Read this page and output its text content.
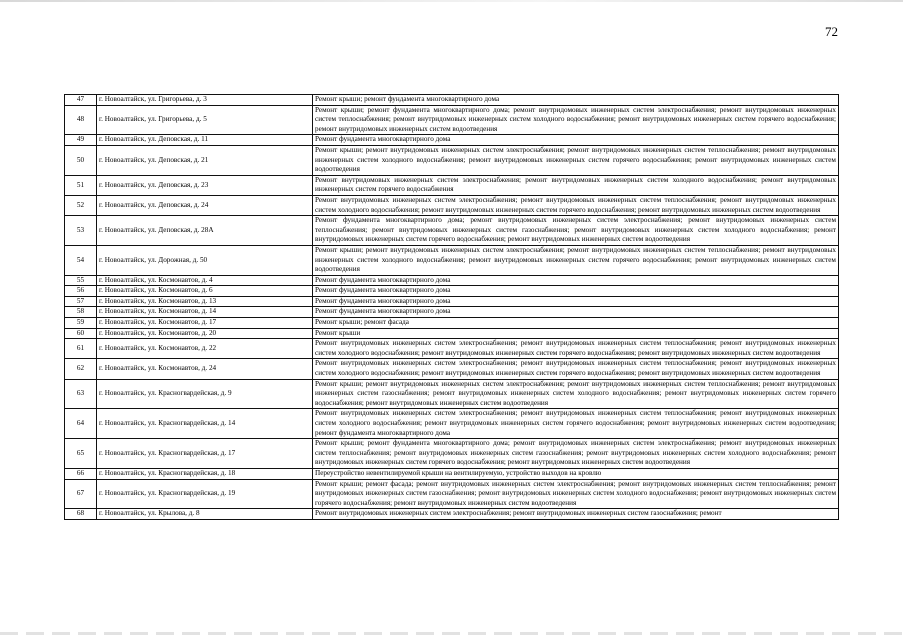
72
47	г. Новоалтайск, ул. Григорьева, д. 3	Ремонт крыши; ремонт фундамента многоквартирного дома
48	г. Новоалтайск, ул. Григорьева, д. 5	Ремонт крыши; ремонт фундамента многоквартирного дома; ремонт внутридомовых инженерных систем электроснабжения; ремонт внутридомовых инженерных систем теплоснабжения; ремонт внутридомовых инженерных систем холодного водоснабжения; ремонт внутридомовых инженерных систем горячего водоснабжения; ремонт внутридомовых инженерных систем водоотведения
49	г. Новоалтайск, ул. Деповская, д. 11	Ремонт фундамента многоквартирного дома
50	г. Новоалтайск, ул. Деповская, д. 21	Ремонт крыши; ремонт внутридомовых инженерных систем электроснабжения; ремонт внутридомовых инженерных систем теплоснабжения; ремонт внутридомовых инженерных систем холодного водоснабжения; ремонт внутридомовых инженерных систем горячего водоснабжения; ремонт внутридомовых инженерных систем водоотведения
51	г. Новоалтайск, ул. Деповская, д. 23	Ремонт внутридомовых инженерных систем электроснабжения; ремонт внутридомовых инженерных систем холодного водоснабжения; ремонт внутридомовых инженерных систем горячего водоснабжения
52	г. Новоалтайск, ул. Деповская, д. 24	Ремонт внутридомовых инженерных систем электроснабжения; ремонт внутридомовых инженерных систем теплоснабжения; ремонт внутридомовых инженерных систем холодного водоснабжения; ремонт внутридомовых инженерных систем горячего водоснабжения; ремонт внутридомовых инженерных систем водоотведения
53	г. Новоалтайск, ул. Деповская, д. 28А	Ремонт фундамента многоквартирного дома; ремонт внутридомовых инженерных систем электроснабжения; ремонт внутридомовых инженерных систем теплоснабжения; ремонт внутридомовых инженерных систем газоснабжения; ремонт внутридомовых инженерных систем холодного водоснабжения; ремонт внутридомовых инженерных систем горячего водоснабжения; ремонт внутридомовых инженерных систем водоотведения
54	г. Новоалтайск, ул. Дорожная, д. 50	Ремонт крыши; ремонт внутридомовых инженерных систем электроснабжения; ремонт внутридомовых инженерных систем теплоснабжения; ремонт внутридомовых инженерных систем холодного водоснабжения; ремонт внутридомовых инженерных систем горячего водоснабжения; ремонт внутридомовых инженерных систем водоотведения
55	г. Новоалтайск, ул. Космонавтов, д. 4	Ремонт фундамента многоквартирного дома
56	г. Новоалтайск, ул. Космонавтов, д. 6	Ремонт фундамента многоквартирного дома
57	г. Новоалтайск, ул. Космонавтов, д. 13	Ремонт фундамента многоквартирного дома
58	г. Новоалтайск, ул. Космонавтов, д. 14	Ремонт фундамента многоквартирного дома
59	г. Новоалтайск, ул. Космонавтов, д. 17	Ремонт крыши; ремонт фасада
60	г. Новоалтайск, ул. Космонавтов, д. 20	Ремонт крыши
61	г. Новоалтайск, ул. Космонавтов, д. 22	Ремонт внутридомовых инженерных систем электроснабжения; ремонт внутридомовых инженерных систем теплоснабжения; ремонт внутридомовых инженерных систем холодного водоснабжения; ремонт внутридомовых инженерных систем горячего водоснабжения; ремонт внутридомовых инженерных систем водоотведения
62	г. Новоалтайск, ул. Космонавтов, д. 24	Ремонт внутридомовых инженерных систем электроснабжения; ремонт внутридомовых инженерных систем теплоснабжения; ремонт внутридомовых инженерных систем холодного водоснабжения; ремонт внутридомовых инженерных систем горячего водоснабжения; ремонт внутридомовых инженерных систем водоотведения
63	г. Новоалтайск, ул. Красногвардейская, д. 9	Ремонт крыши; ремонт внутридомовых инженерных систем электроснабжения; ремонт внутридомовых инженерных систем теплоснабжения; ремонт внутридомовых инженерных систем газоснабжения; ремонт внутридомовых инженерных систем холодного водоснабжения; ремонт внутридомовых инженерных систем горячего водоснабжения; ремонт внутридомовых инженерных систем водоотведения
64	г. Новоалтайск, ул. Красногвардейская, д. 14	Ремонт внутридомовых инженерных систем электроснабжения; ремонт внутридомовых инженерных систем теплоснабжения; ремонт внутридомовых инженерных систем холодного водоснабжения; ремонт внутридомовых инженерных систем горячего водоснабжения; ремонт внутридомовых инженерных систем водоотведения; ремонт фундамента многоквартирного дома
65	г. Новоалтайск, ул. Красногвардейская, д. 17	Ремонт крыши; ремонт фундамента многоквартирного дома; ремонт внутридомовых инженерных систем электроснабжения; ремонт внутридомовых инженерных систем теплоснабжения; ремонт внутридомовых инженерных систем газоснабжения; ремонт внутридомовых инженерных систем холодного водоснабжения; ремонт внутридомовых инженерных систем горячего водоснабжения; ремонт внутридомовых инженерных систем водоотведения
66	г. Новоалтайск, ул. Красногвардейская, д. 18	Переустройство невентилируемой крыши на вентилируемую, устройство выходов на кровлю
67	г. Новоалтайск, ул. Красногвардейская, д. 19	Ремонт крыши; ремонт фасада; ремонт внутридомовых инженерных систем электроснабжения; ремонт внутридомовых инженерных систем теплоснабжения; ремонт внутридомовых инженерных систем газоснабжения; ремонт внутридомовых инженерных систем холодного водоснабжения; ремонт внутридомовых инженерных систем горячего водоснабжения; ремонт внутридомовых инженерных систем водоотведения
68	г. Новоалтайск, ул. Крылова, д. 8	Ремонт внутридомовых инженерных систем электроснабжения; ремонт внутридомовых инженерных систем газоснабжения; ремонт
